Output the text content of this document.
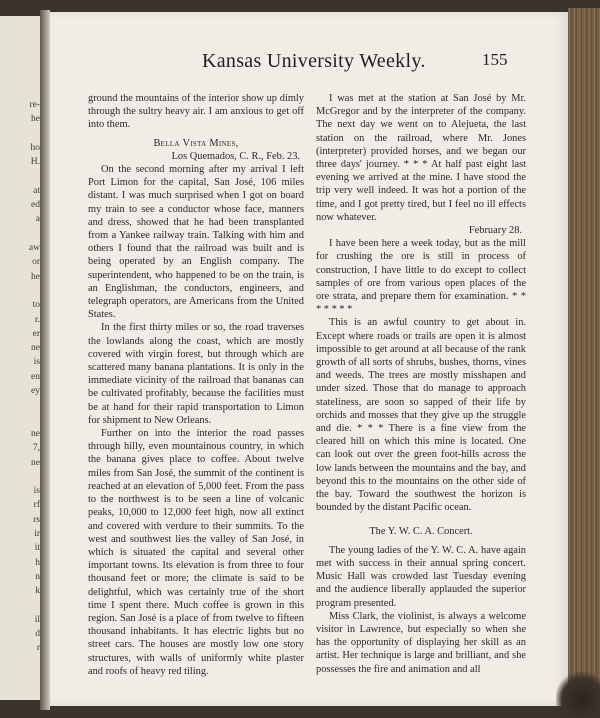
re-
he
ho
H.
at
ed
a
aw
or
he
to
r.
er
ne
is
en
ey
ne
7,
ne
is
rf
rs
ir
it
h
n
k
il
d
r
Kansas University Weekly.	155

ground the mountains of the interior show up dimly through the sultry heavy air. I am anxious to get off into them.

Bella Vista Mines,

Los Quemados, C. R., Feb. 23.

On the second morning after my arrival I left Port Limon for the capital, San José, 106 miles distant. I was much surprised when I got on board my train to see a conductor whose face, manners and dress, showed that he had been transplanted from a Yankee railway train. Talking with him and others I found that the railroad was built and is being operated by an English company. The superintendent, who happened to be on the train, is an Englishman, the conductors, engineers, and telegraph operators, are Americans from the United States.

In the first thirty miles or so, the road traverses the lowlands along the coast, which are mostly covered with virgin forest, but through which are scattered many banana plantations. It is only in the immediate vicinity of the railroad that bananas can be cultivated profitably, because the facilities must be at hand for their rapid transportation to Limon for shipment to New Orleans.

Further on into the interior the road passes through hilly, even mountainous country, in which the banana gives place to coffee. About twelve miles from San José, the summit of the continent is reached at an elevation of 5,000 feet. From the pass to the northwest is to be seen a line of volcanic peaks, 10,000 to 12,000 feet high, now all extinct and covered with verdure to their summits. To the west and southwest lies the valley of San José, in which is situated the capital and several other important towns. Its elevation is from three to four thousand feet or more; the climate is said to be delightful, which was certainly true of the short time I spent there. Much coffee is grown in this region. San José is a place of from twelve to fifteen thousand inhabitants. It has electric lights but no street cars. The houses are mostly low one story structures, with walls of uniformly white plaster and roofs of heavy red tiling.

I was met at the station at San José by Mr. McGregor and by the interpreter of the company. The next day we went on to Alejueta, the last station on the railroad, where Mr. Jones (interpreter) provided horses, and we began our three days' journey. * * * At half past eight last evening we arrived at the mine. I have stood the trip very well indeed. It was hot a portion of the time, and I got pretty tired, but I feel no ill effects now whatever.

February 28.

I have been here a week today, but as the mill for crushing the ore is still in process of construction, I have little to do except to collect samples of ore from various open places of the ore strata, and prepare them for examination. * * * * * * *

This is an awful country to get about in. Except where roads or trails are open it is almost impossible to get around at all because of the rank growth of all sorts of shrubs, bushes, thorns, vines and weeds. The trees are mostly misshapen and under sized. Those that do manage to approach stateliness, are soon so sapped of their life by orchids and mosses that they give up the struggle and die. * * * There is a fine view from the cleared hill on which this mine is located. One can look out over the green foot-hills across the low lands between the mountains and the bay, and beyond this to the mountains on the other side of the bay. Toward the southwest the horizon is bounded by the distant Pacific ocean.

The Y. W. C. A. Concert.

The young ladies of the Y. W. C. A. have again met with success in their annual spring concert. Music Hall was crowded last Tuesday evening and the audience liberally applauded the superior program presented.

Miss Clark, the violinist, is always a welcome visitor in Lawrence, but especially so when she has the opportunity of displaying her skill as an artist. Her technique is large and brilliant, and she possesses the fire and animation and all
